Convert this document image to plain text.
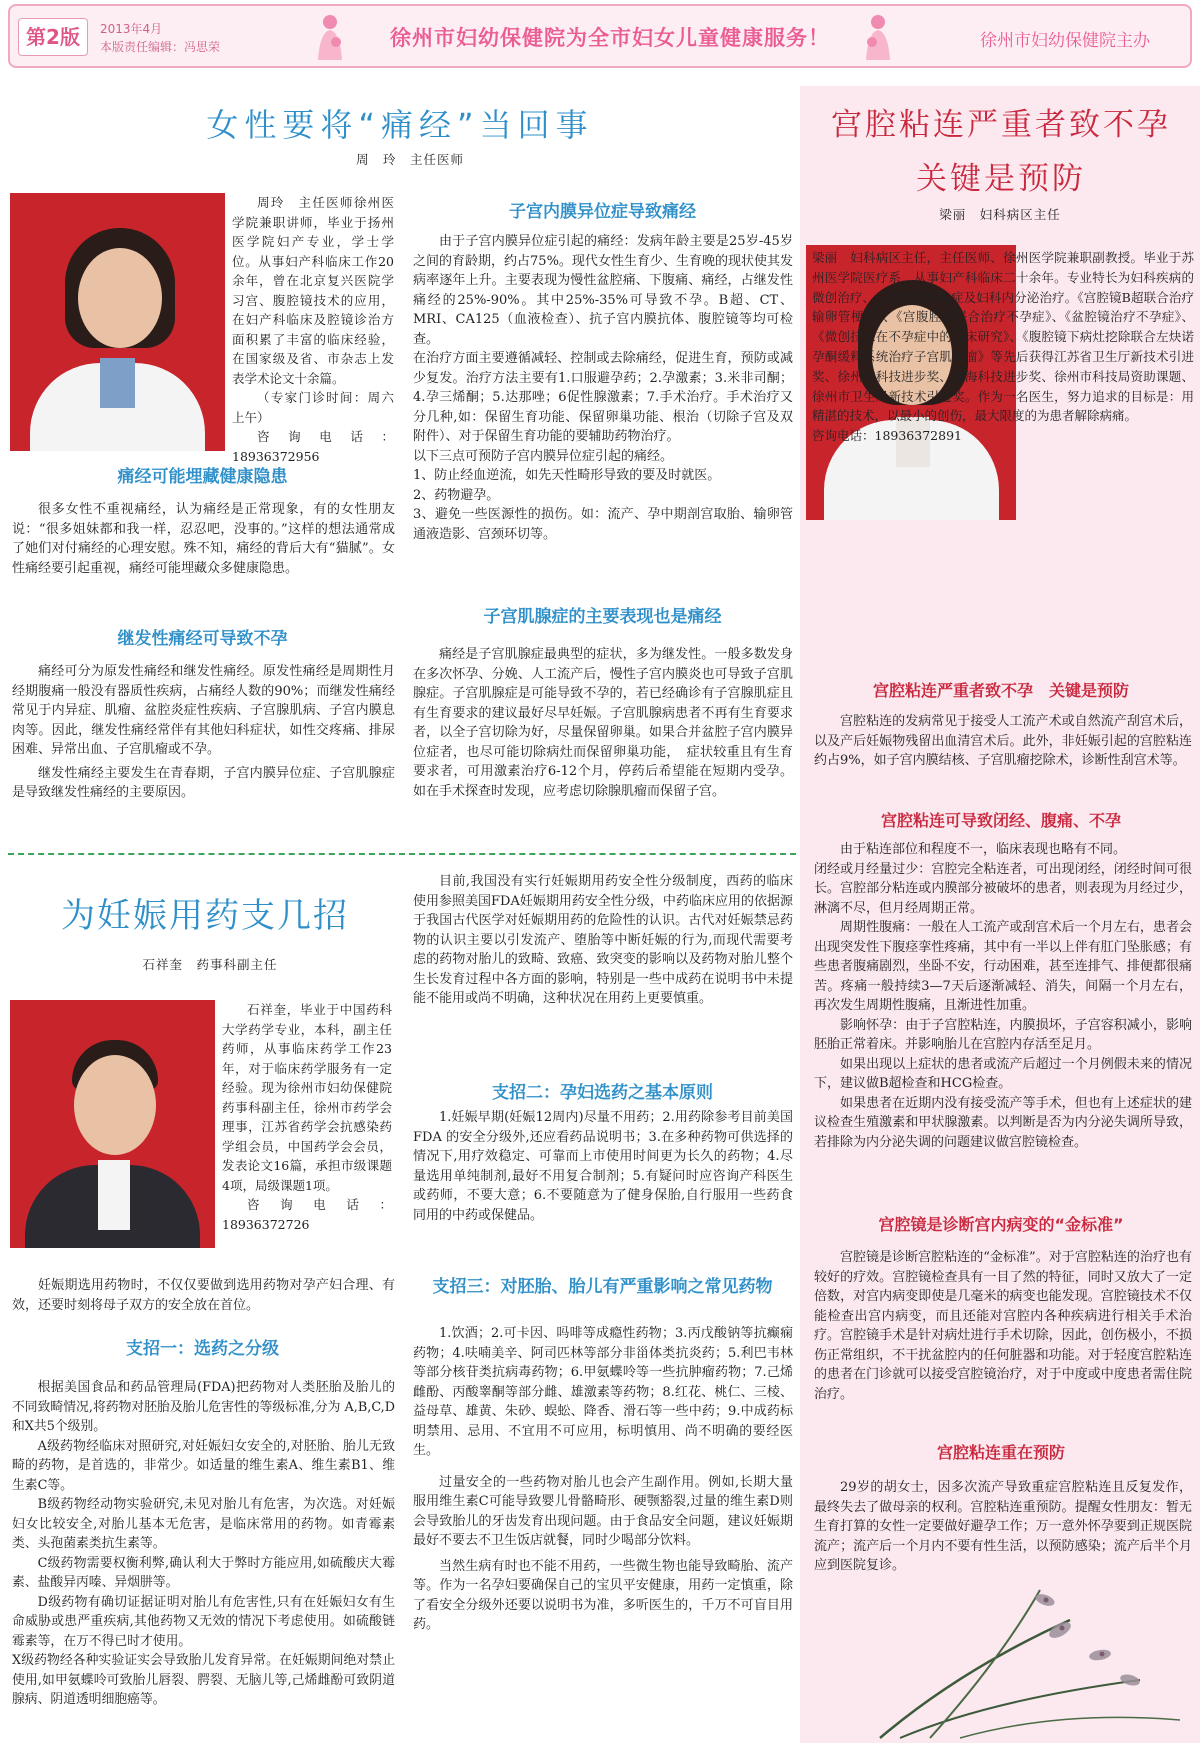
第2版	2013年4月
本版责任编辑：冯思荣	徐州市妇幼保健院为全市妇女儿童健康服务！	徐州市妇幼保健院主办
女性要将“痛经”当回事
周　玲　主任医师

周玲　主任医师徐州医学院兼职讲师，毕业于扬州医学院妇产专业，学士学位。从事妇产科临床工作20余年，曾在北京复兴医院学习宫、腹腔镜技术的应用，在妇产科临床及腔镜诊治方面积累了丰富的临床经验，在国家级及省、市杂志上发表学术论文十余篇。

（专家门诊时间：周六上午）

咨询电话：18936372956

痛经可能埋藏健康隐患

很多女性不重视痛经，认为痛经是正常现象，有的女性朋友说：“很多姐妹都和我一样，忍忍吧，没事的。”这样的想法通常成了她们对付痛经的心理安慰。殊不知，痛经的背后大有“猫腻”。女性痛经要引起重视，痛经可能埋藏众多健康隐患。

继发性痛经可导致不孕

痛经可分为原发性痛经和继发性痛经。原发性痛经是周期性月经期腹痛一般没有器质性疾病，占痛经人数的90%；而继发性痛经常见于内异症、肌瘤、盆腔炎症性疾病、子宫腺肌病、子宫内膜息肉等。因此，继发性痛经常伴有其他妇科症状，如性交疼痛、排尿困难、异常出血、子宫肌瘤或不孕。

继发性痛经主要发生在青春期，子宫内膜异位症、子宫肌腺症是导致继发性痛经的主要原因。

子宫内膜异位症导致痛经

由于子宫内膜异位症引起的痛经：发病年龄主要是25岁-45岁之间的育龄期，约占75%。现代女性生育少、生育晚的现状使其发病率逐年上升。主要表现为慢性盆腔痛、下腹痛、痛经，占继发性痛经的25%-90%。其中25%-35%可导致不孕。B超、CT、MRI、CA125（血液检查）、抗子宫内膜抗体、腹腔镜等均可检查。

在治疗方面主要遵循减轻、控制或去除痛经，促进生育，预防或减少复发。治疗方法主要有1.口服避孕药；2.孕激素；3.米非司酮；4.孕三烯酮；5.达那唑；6促性腺激素；7.手术治疗。手术治疗又分几种,如：保留生育功能、保留卵巢功能、根治（切除子宫及双附件）、对于保留生育功能的要辅助药物治疗。

以下三点可预防子宫内膜异位症引起的痛经。

1、防止经血逆流，如先天性畸形导致的要及时就医。

2、药物避孕。

3、避免一些医源性的损伤。如：流产、孕中期剖宫取胎、输卵管通液造影、宫颈环切等。

子宫肌腺症的主要表现也是痛经

痛经是子宫肌腺症最典型的症状，多为继发性。一般多数发身在多次怀孕、分娩、人工流产后，慢性子宫内膜炎也可导致子宫肌腺症。子宫肌腺症是可能导致不孕的，若已经确诊有子宫腺肌症且有生育要求的建议最好尽早妊娠。子宫肌腺病患者不再有生育要求者，以全子宫切除为好，尽量保留卵巢。如果合并盆腔子宫内膜异位症者，也尽可能切除病灶而保留卵巢功能，　症状较重且有生育要求者，可用激素治疗6-12个月，停药后希望能在短期内受孕。如在手术探查时发现，应考虑切除腺肌瘤而保留子宫。

为妊娠用药支几招
石祥奎　药事科副主任

石祥奎，毕业于中国药科大学药学专业，本科，副主任药师，从事临床药学工作23年，对于临床药学服务有一定经验。现为徐州市妇幼保健院药事科副主任，徐州市药学会理事，江苏省药学会抗感染药学组会员，中国药学会会员，发表论文16篇，承担市级课题4项，局级课题1项。

咨询电话：18936372726

妊娠期选用药物时，不仅仅要做到选用药物对孕产妇合理、有效，还要时刻将母子双方的安全放在首位。

支招一：选药之分级

根据美国食品和药品管理局(FDA)把药物对人类胚胎及胎儿的不同致畸情况,将药物对胚胎及胎儿危害性的等级标准,分为 A,B,C,D和X共5个级别。

A级药物经临床对照研究,对妊娠妇女安全的,对胚胎、胎儿无致畸的药物，是首选的，非常少。如适量的维生素A、维生素B1、维生素C等。

B级药物经动物实验研究,未见对胎儿有危害，为次选。对妊娠妇女比较安全,对胎儿基本无危害，是临床常用的药物。如青霉素类、头孢菌素类抗生素等。

C级药物需要权衡利弊,确认利大于弊时方能应用,如硫酸庆大霉素、盐酸异丙嗪、异烟肼等。

D级药物有确切证据证明对胎儿有危害性,只有在妊娠妇女有生命威胁或患严重疾病,其他药物又无效的情况下考虑使用。如硫酸链霉素等，在万不得已时才使用。

X级药物经各种实验证实会导致胎儿发育异常。在妊娠期间绝对禁止使用,如甲氨蝶呤可致胎儿唇裂、腭裂、无脑儿等,己烯雌酚可致阴道腺病、阴道透明细胞癌等。

目前,我国没有实行妊娠期用药安全性分级制度，西药的临床使用参照美国FDA妊娠期用药安全性分级，中药临床应用的依据源于我国古代医学对妊娠期用药的危险性的认识。古代对妊娠禁忌药物的认识主要以引发流产、堕胎等中断妊娠的行为,而现代需要考虑的药物对胎儿的致畸、致癌、致突变的影响以及药物对胎儿整个生长发育过程中各方面的影响，特别是一些中成药在说明书中未提能不能用或尚不明确，这种状况在用药上更要慎重。

支招二：孕妇选药之基本原则

1.妊娠早期(妊娠12周内)尽量不用药；2.用药除参考目前美国 FDA 的安全分级外,还应看药品说明书；3.在多种药物可供选择的情况下,用疗效稳定、可靠而上市使用时间更为长久的药物；4.尽量选用单纯制剂,最好不用复合制剂；5.有疑问时应咨询产科医生或药师，不要大意；6.不要随意为了健身保胎,自行服用一些药食同用的中药或保健品。

支招三：对胚胎、胎儿有严重影响之常见药物

1.饮酒；2.可卡因、吗啡等成瘾性药物；3.丙戊酸钠等抗癫痫药物；4.呋喃美辛、阿司匹林等部分非甾体类抗炎药；5.利巴韦林等部分核苷类抗病毒药物；6.甲氨蝶呤等一些抗肿瘤药物；7.己烯雌酚、丙酸睾酮等部分雌、雄激素等药物；8.红花、桃仁、三棱、益母草、雄黄、朱砂、蜈蚣、降香、滑石等一些中药；9.中成药标明禁用、忌用、不宜用不可应用，标明慎用、尚不明确的要经医生。

过量安全的一些药物对胎儿也会产生副作用。例如,长期大量服用维生素C可能导致婴儿骨骼畸形、硬颚豁裂,过量的维生素D则会导致胎儿的牙齿发育出现问题。由于食品安全问题，建议妊娠期最好不要去不卫生饭店就餐，同时少喝部分饮料。

当然生病有时也不能不用药，一些微生物也能导致畸胎、流产等。作为一名孕妇要确保自己的宝贝平安健康，用药一定慎重，除了看安全分级外还要以说明书为准，多听医生的，千万不可盲目用药。

宫腔粘连严重者致不孕
关键是预防
梁丽　妇科病区主任

梁丽　妇科病区主任，主任医师、徐州医学院兼职副教授。毕业于苏州医学院医疗系，从事妇产科临床二十余年。专业特长为妇科疾病的微创治疗、子宫内膜异位症及妇科内分泌治疗。《宫腔镜B超联合治疗输卵管梗阻》、《宫腹腔镜联合治疗不孕症》、《盆腔镜治疗不孕症》、《微创技术在不孕症中的临床研究》、《腹腔镜下病灶挖除联合左炔诺孕酮缓释系统治疗子宫肌腺瘤》等先后获得江苏省卫生厅新技术引进奖、徐州市科技进步奖、淮海科技进步奖、徐州市科技局资助课题、徐州市卫生局新技术引进奖。作为一名医生，努力追求的目标是：用精湛的技术，以最小的创伤，最大限度的为患者解除病痛。

咨询电话：18936372891

宫腔粘连严重者致不孕　关键是预防

宫腔粘连的发病常见于接受人工流产术或自然流产刮宫术后，以及产后妊娠物残留出血清宫术后。此外，非妊娠引起的宫腔粘连约占9%，如子宫内膜结核、子宫肌瘤挖除术，诊断性刮宫术等。

宫腔粘连可导致闭经、腹痛、不孕

由于粘连部位和程度不一，临床表现也略有不同。

闭经或月经量过少：宫腔完全粘连者，可出现闭经，闭经时间可很长。宫腔部分粘连或内膜部分被破坏的患者，则表现为月经过少，淋漓不尽，但月经周期正常。

周期性腹痛：一般在人工流产或刮宫术后一个月左右，患者会出现突发性下腹痉挛性疼痛，其中有一半以上伴有肛门坠胀感；有些患者腹痛剧烈，坐卧不安，行动困难，甚至连排气、排便都很痛苦。疼痛一般持续3—7天后逐渐减轻、消失，间隔一个月左右，再次发生周期性腹痛，且渐进性加重。

影响怀孕：由于子宫腔粘连，内膜损坏，子宫容积减小，影响胚胎正常着床。并影响胎儿在宫腔内存活至足月。

如果出现以上症状的患者或流产后超过一个月例假未来的情况下，建议做B超检查和HCG检查。

如果患者在近期内没有接受流产等手术，但也有上述症状的建议检查生殖激素和甲状腺激素。以判断是否为内分泌失调所导致，若排除为内分泌失调的问题建议做宫腔镜检查。

宫腔镜是诊断宫内病变的“金标准”

宫腔镜是诊断宫腔粘连的“金标准”。对于宫腔粘连的治疗也有较好的疗效。宫腔镜检查具有一目了然的特征，同时又放大了一定倍数，对宫内病变即使是几毫米的病变也能发现。宫腔镜技术不仅能检查出宫内病变，而且还能对宫腔内各种疾病进行相关手术治疗。宫腔镜手术是针对病灶进行手术切除，因此，创伤极小，不损伤正常组织，不干扰盆腔内的任何脏器和功能。对于轻度宫腔粘连的患者在门诊就可以接受宫腔镜治疗，对于中度或中度患者需住院治疗。

宫腔粘连重在预防

29岁的胡女士，因多次流产导致重症宫腔粘连且反复发作，最终失去了做母亲的权利。宫腔粘连重预防。提醒女性朋友：暂无生育打算的女性一定要做好避孕工作；万一意外怀孕要到正规医院流产；流产后一个月内不要有性生活，以预防感染；流产后半个月应到医院复诊。
